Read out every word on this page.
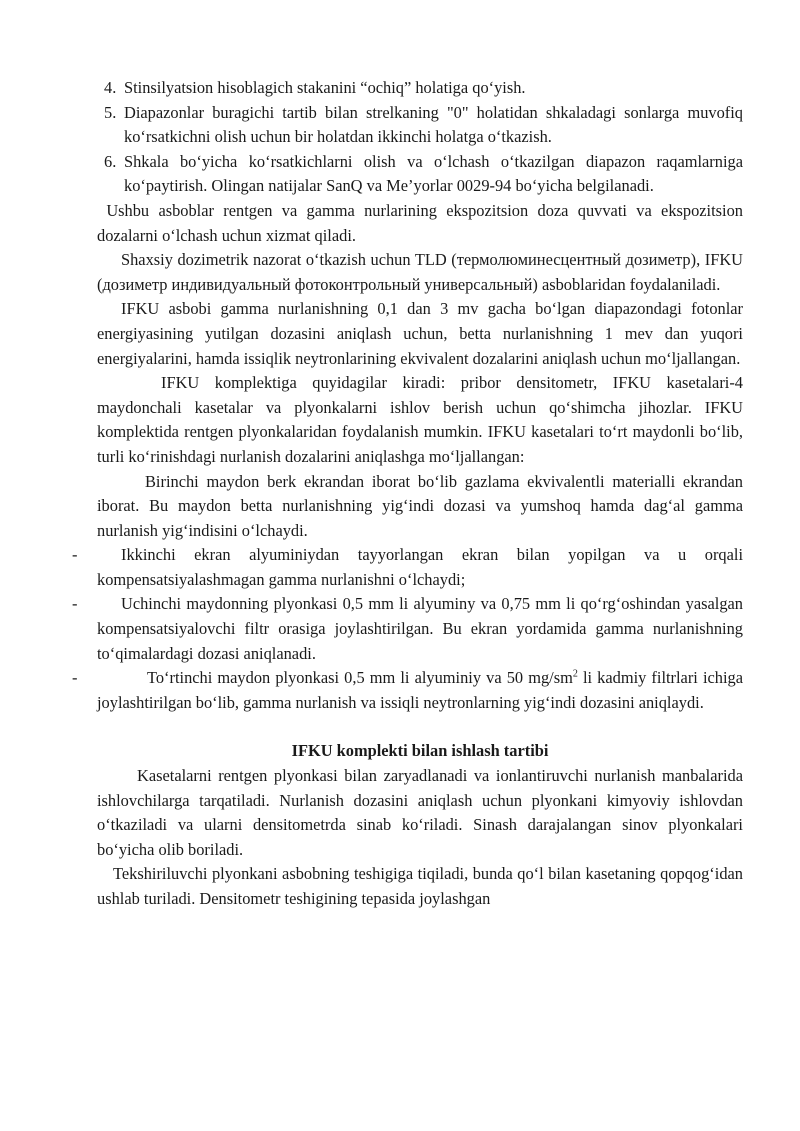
4. Stinsilyatsion hisoblagich stakanini “ochiq” holatiga qo‘yish.
5. Diapazonlar buragichi tartib bilan strelkaning "0" holatidan shkaladagi sonlarga muvofiq ko‘rsatkichni olish uchun bir holatdan ikkinchi holatga o‘tkazish.
6. Shkala bo‘yicha ko‘rsatkichlarni olish va o‘lchash o‘tkazilgan diapazon raqamlarniga ko‘paytirish. Olingan natijalar SanQ va Me’yorlar 0029-94 bo‘yicha belgilanadi.

Ushbu asboblar rentgen va gamma nurlarining ekspozitsion doza quvvati va ekspozitsion dozalarni o‘lchash uchun xizmat qiladi.

Shaxsiy dozimetrik nazorat o‘tkazish uchun TLD (термолюминесцентный дозиметр), IFKU (дозиметр индивидуальный фотоконтрольный универсальный) asboblaridan foydalaniladi.

IFKU asbobi gamma nurlanishning 0,1 dan 3 mv gacha bo‘lgan diapazondagi fotonlar energiyasining yutilgan dozasini aniqlash uchun, betta nurlanishning 1 mev dan yuqori energiyalarini, hamda issiqlik neytronlarining ekvivalent dozalarini aniqlash uchun mo‘ljallangan.

IFKU komplektiga quyidagilar kiradi: pribor densitometr, IFKU kasetalari-4 maydonchali kasetalar va plyonkalarni ishlov berish uchun qo‘shimcha jihozlar. IFKU komplektida rentgen plyonkalaridan foydalanish mumkin. IFKU kasetalari to‘rt maydonli bo‘lib, turli ko‘rinishdagi nurlanish dozalarini aniqlashga mo‘ljallangan:

Birinchi maydon berk ekrandan iborat bo‘lib gazlama ekvivalentli materialli ekrandan iborat. Bu maydon betta nurlanishning yig‘indi dozasi va yumshoq hamda dag‘al gamma nurlanish yig‘indisini o‘lchaydi.

-	Ikkinchi ekran alyuminiydan tayyorlangan ekran bilan yopilgan va u orqali kompensatsiyalashmagan gamma nurlanishni o‘lchaydi;

-	Uchinchi maydonning plyonkasi 0,5 mm li alyuminy va 0,75 mm li qo‘rg‘oshindan yasalgan kompensatsiyalovchi filtr orasiga joylashtirilgan. Bu ekran yordamida gamma nurlanishning to‘qimalardagi dozasi aniqlanadi.

-	To‘rtinchi maydon plyonkasi 0,5 mm li alyuminiy va 50 $mg/sm^2$ li kadmiy filtrlari ichiga joylashtirilgan bo‘lib, gamma nurlanish va issiqli neytronlarning yig‘indi dozasini aniqlaydi.

IFKU komplekti bilan ishlash tartibi

Kasetalarni rentgen plyonkasi bilan zaryadlanadi va ionlantiruvchi nurlanish manbalarida ishlovchilarga tarqatiladi. Nurlanish dozasini aniqlash uchun plyonkani kimyoviy ishlovdan o‘tkaziladi va ularni densitometrda sinab ko‘riladi. Sinash darajalangan sinov plyonkalari bo‘yicha olib boriladi.

Tekshiriluvchi plyonkani asbobning teshigiga tiqiladi, bunda qo‘l bilan kasetaning qopqog‘idan ushlab turiladi. Densitometr teshigining tepasida joylashgan
